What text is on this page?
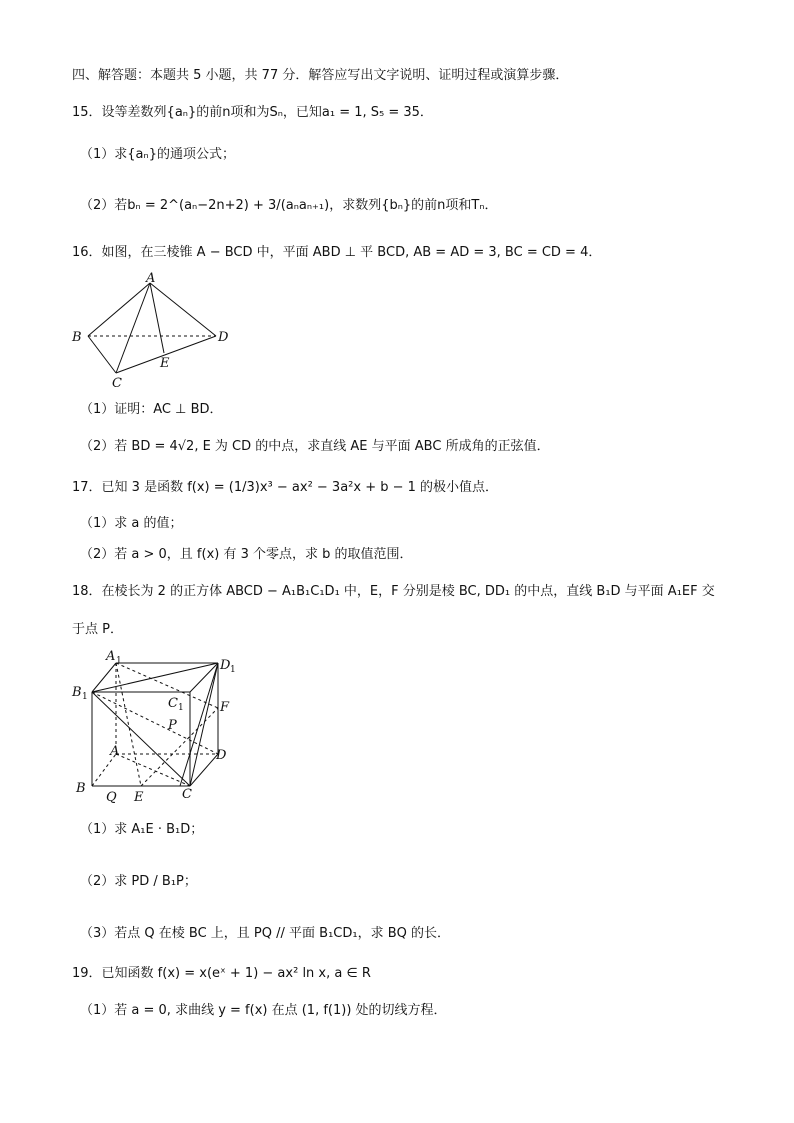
四、解答题：本题共 5 小题，共 77 分．解答应写出文字说明、证明过程或演算步骤．
15．设等差数列{aₙ}的前n项和为Sₙ，已知a₁ = 1, S₅ = 35．
（1）求{aₙ}的通项公式；
（2）若bₙ = 2^(aₙ−2n+2) + 3/(aₙaₙ₊₁)，求数列{bₙ}的前n项和Tₙ．
16．如图，在三棱锥 A − BCD 中，平面 ABD ⊥ 平 BCD, AB = AD = 3, BC = CD = 4．
A
B
C
D
E
（1）证明：AC ⊥ BD．
（2）若 BD = 4√2, E 为 CD 的中点，求直线 AE 与平面 ABC 所成角的正弦值．
17．已知 3 是函数 f(x) = (1/3)x³ − ax² − 3a²x + b − 1 的极小值点．
（1）求 a 的值；
（2）若 a > 0，且 f(x) 有 3 个零点，求 b 的取值范围．
18．在棱长为 2 的正方体 ABCD − A₁B₁C₁D₁ 中，E，F 分别是棱 BC, DD₁ 的中点，直线 B₁D 与平面 A₁EF 交
于点 P．
A 1	D 1
B 1	C 1	F
P
A	D
B
Q E	C
（1）求 A₁E · B₁D；
（2）求 PD / B₁P；
（3）若点 Q 在棱 BC 上，且 PQ // 平面 B₁CD₁，求 BQ 的长．
19．已知函数 f(x) = x(eˣ + 1) − ax² ln x, a ∈ R
（1）若 a = 0, 求曲线 y = f(x) 在点 (1, f(1)) 处的切线方程．
